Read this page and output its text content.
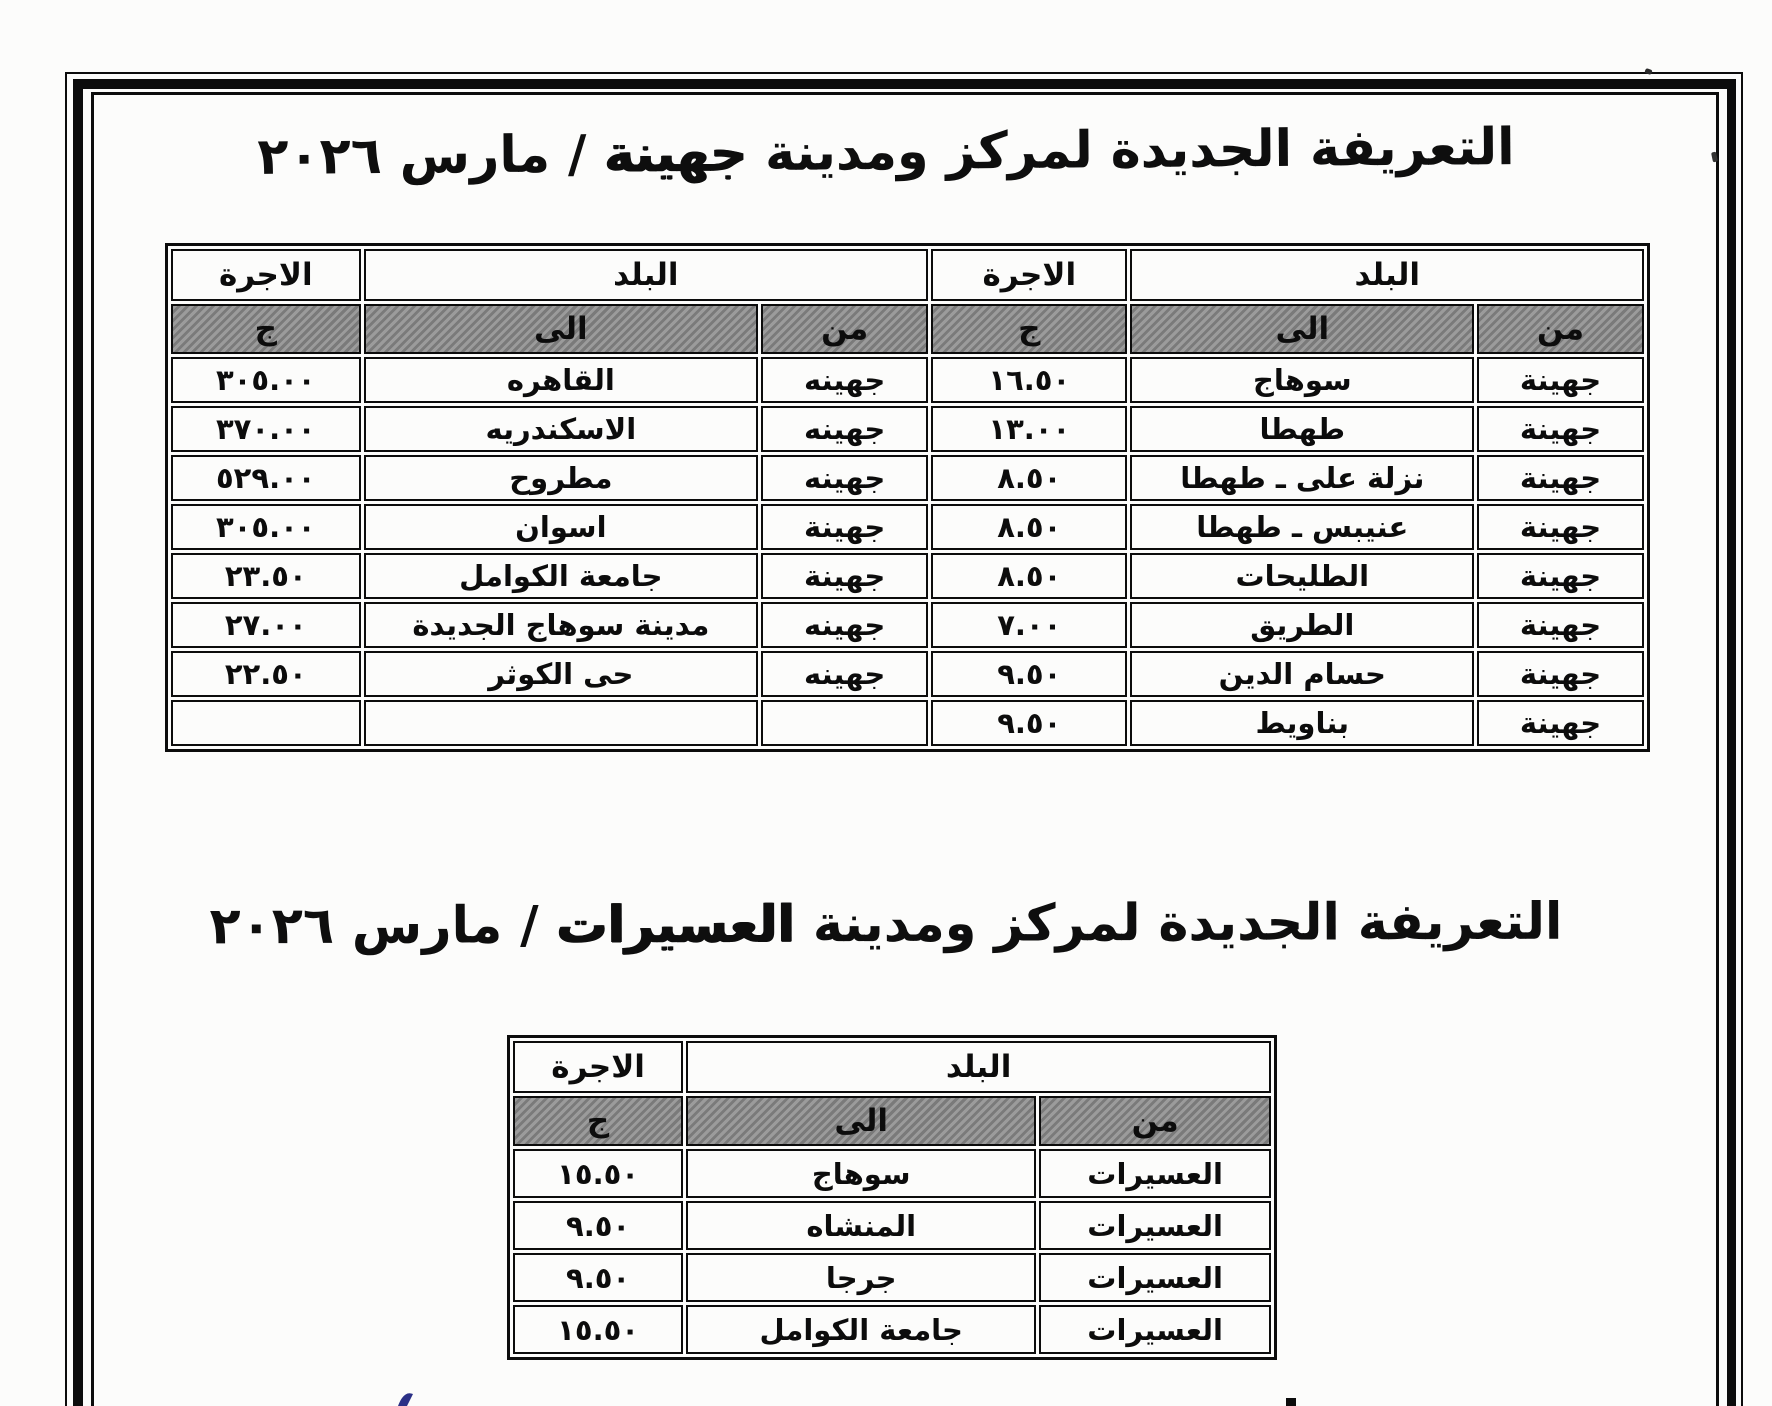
التعريفة الجديدة لمركز ومدينة جهينة / مارس ٢٠٢٦
البلد
الاجرة
البلد
الاجرة
من
الى
ج
من
الى
ج
جهينة
سوهاج
١٦.٥٠
جهينه
القاهره
٣٠٥.٠٠
جهينة
طهطا
١٣.٠٠
جهينه
الاسكندريه
٣٧٠.٠٠
جهينة
نزلة على ـ طهطا
٨.٥٠
جهينه
مطروح
٥٢٩.٠٠
جهينة
عنيبس ـ طهطا
٨.٥٠
جهينة
اسوان
٣٠٥.٠٠
جهينة
الطليحات
٨.٥٠
جهينة
جامعة الكوامل
٢٣.٥٠
جهينة
الطريق
٧.٠٠
جهينه
مدينة سوهاج الجديدة
٢٧.٠٠
جهينة
حسام الدين
٩.٥٠
جهينه
حى الكوثر
٢٢.٥٠
جهينة
بناويط
٩.٥٠
التعريفة الجديدة لمركز ومدينة العسيرات / مارس ٢٠٢٦
البلد
الاجرة
من
الى
ج
العسيرات
سوهاج
١٥.٥٠
العسيرات
المنشاه
٩.٥٠
العسيرات
جرجا
٩.٥٠
العسيرات
جامعة الكوامل
١٥.٥٠
